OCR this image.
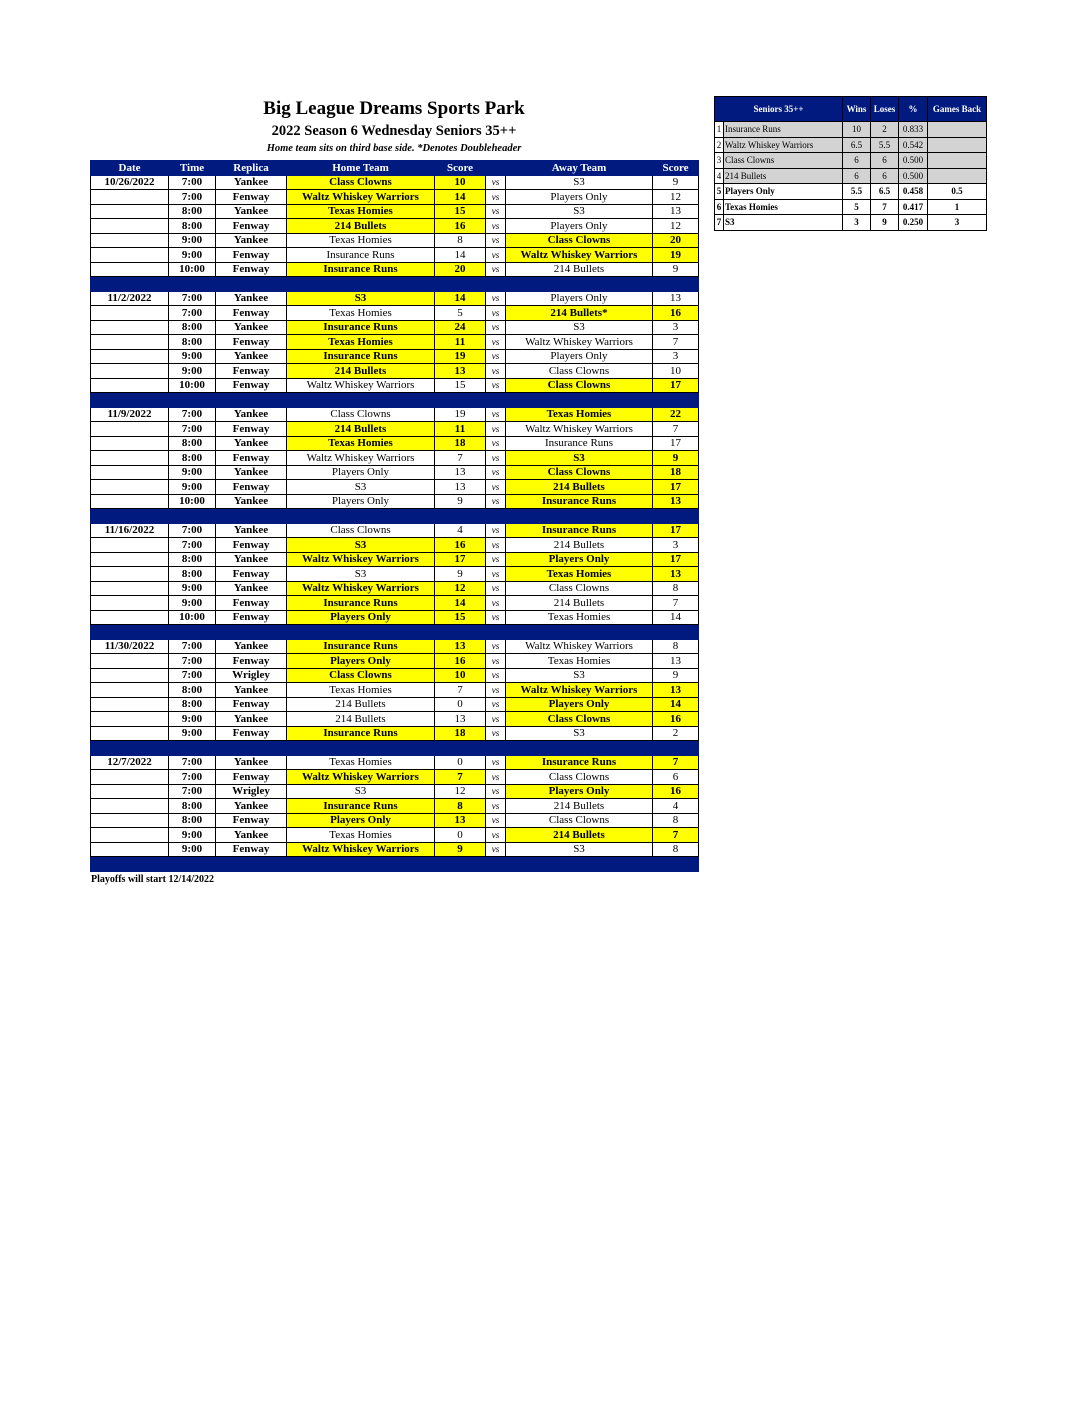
Big League Dreams Sports Park
2022 Season 6 Wednesday Seniors 35++
Home team sits on third base side. *Denotes Doubleheader
Date	Time	Replica	Home Team	Score		Away Team	Score
10/26/2022	7:00	Yankee	Class Clowns	10	vs	S3	9
	7:00	Fenway	Waltz Whiskey Warriors	14	vs	Players Only	12
	8:00	Yankee	Texas Homies	15	vs	S3	13
	8:00	Fenway	214 Bullets	16	vs	Players Only	12
	9:00	Yankee	Texas Homies	8	vs	Class Clowns	20
	9:00	Fenway	Insurance Runs	14	vs	Waltz Whiskey Warriors	19
	10:00	Fenway	Insurance Runs	20	vs	214 Bullets	9

11/2/2022	7:00	Yankee	S3	14	vs	Players Only	13
	7:00	Fenway	Texas Homies	5	vs	214 Bullets*	16
	8:00	Yankee	Insurance Runs	24	vs	S3	3
	8:00	Fenway	Texas Homies	11	vs	Waltz Whiskey Warriors	7
	9:00	Yankee	Insurance Runs	19	vs	Players Only	3
	9:00	Fenway	214 Bullets	13	vs	Class Clowns	10
	10:00	Fenway	Waltz Whiskey Warriors	15	vs	Class Clowns	17

11/9/2022	7:00	Yankee	Class Clowns	19	vs	Texas Homies	22
	7:00	Fenway	214 Bullets	11	vs	Waltz Whiskey Warriors	7
	8:00	Yankee	Texas Homies	18	vs	Insurance Runs	17
	8:00	Fenway	Waltz Whiskey Warriors	7	vs	S3	9
	9:00	Yankee	Players Only	13	vs	Class Clowns	18
	9:00	Fenway	S3	13	vs	214 Bullets	17
	10:00	Yankee	Players Only	9	vs	Insurance Runs	13

11/16/2022	7:00	Yankee	Class Clowns	4	vs	Insurance Runs	17
	7:00	Fenway	S3	16	vs	214 Bullets	3
	8:00	Yankee	Waltz Whiskey Warriors	17	vs	Players Only	17
	8:00	Fenway	S3	9	vs	Texas Homies	13
	9:00	Yankee	Waltz Whiskey Warriors	12	vs	Class Clowns	8
	9:00	Fenway	Insurance Runs	14	vs	214 Bullets	7
	10:00	Fenway	Players Only	15	vs	Texas Homies	14

11/30/2022	7:00	Yankee	Insurance Runs	13	vs	Waltz Whiskey Warriors	8
	7:00	Fenway	Players Only	16	vs	Texas Homies	13
	7:00	Wrigley	Class Clowns	10	vs	S3	9
	8:00	Yankee	Texas Homies	7	vs	Waltz Whiskey Warriors	13
	8:00	Fenway	214 Bullets	0	vs	Players Only	14
	9:00	Yankee	214 Bullets	13	vs	Class Clowns	16
	9:00	Fenway	Insurance Runs	18	vs	S3	2

12/7/2022	7:00	Yankee	Texas Homies	0	vs	Insurance Runs	7
	7:00	Fenway	Waltz Whiskey Warriors	7	vs	Class Clowns	6
	7:00	Wrigley	S3	12	vs	Players Only	16
	8:00	Yankee	Insurance Runs	8	vs	214 Bullets	4
	8:00	Fenway	Players Only	13	vs	Class Clowns	8
	9:00	Yankee	Texas Homies	0	vs	214 Bullets	7
	9:00	Fenway	Waltz Whiskey Warriors	9	vs	S3	8

Playoffs will start 12/14/2022
Seniors 35++		Wins	Loses	%	Games Back
1	Insurance Runs	10	2	0.833	
2	Waltz Whiskey Warriors	6.5	5.5	0.542	
3	Class Clowns	6	6	0.500	
4	214 Bullets	6	6	0.500	
5	Players Only	5.5	6.5	0.458	0.5
6	Texas Homies	5	7	0.417	1
7	S3	3	9	0.250	3
